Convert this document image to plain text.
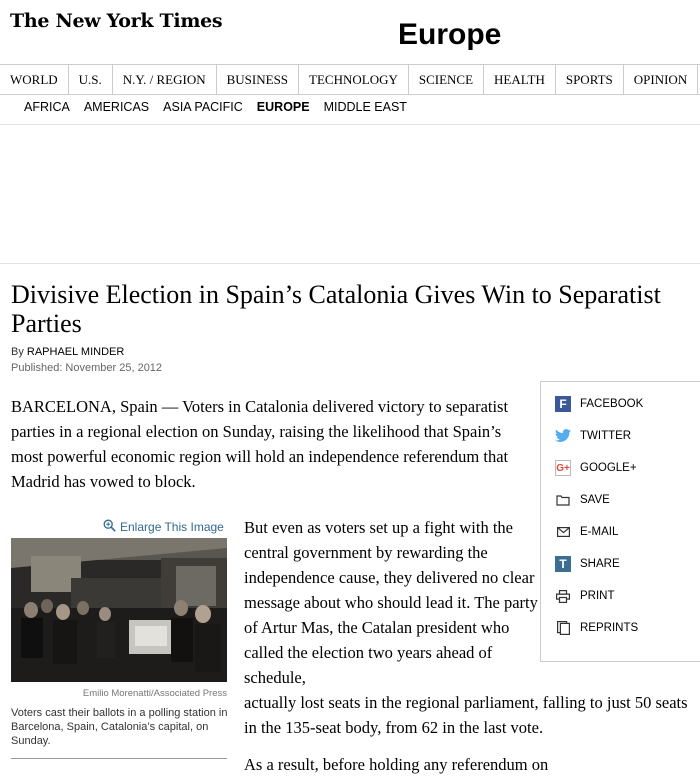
The New York Times	Europe
WORLD	U.S.	N.Y. / REGION	BUSINESS	TECHNOLOGY	SCIENCE	HEALTH	SPORTS	OPINION
AFRICA AMERICAS ASIA PACIFIC EUROPE MIDDLE EAST
Divisive Election in Spain’s Catalonia Gives Win to Separatist Parties
By RAPHAEL MINDER
Published: November 25, 2012

BARCELONA, Spain — Voters in Catalonia delivered victory to separatist parties in a regional election on Sunday, raising the likelihood that Spain’s most powerful economic region will hold an independence referendum that Madrid has vowed to block.

F	FACEBOOK
TWITTER
G+ GOOGLE+
SAVE
E-MAIL
T	SHARE
PRINT
REPRINTS
Enlarge This Image
Emilio Morenatti/Associated Press

Voters cast their ballots in a polling station in Barcelona, Spain, Catalonia’s capital, on Sunday.

But even as voters set up a fight with the central government by rewarding the independence cause, they delivered no clear message about who should lead it. The party of Artur Mas, the Catalan president who called the election two years ahead of schedule,

actually lost seats in the regional parliament, falling to just 50 seats in the 135-seat body, from 62 in the last vote.

As a result, before holding any referendum on
